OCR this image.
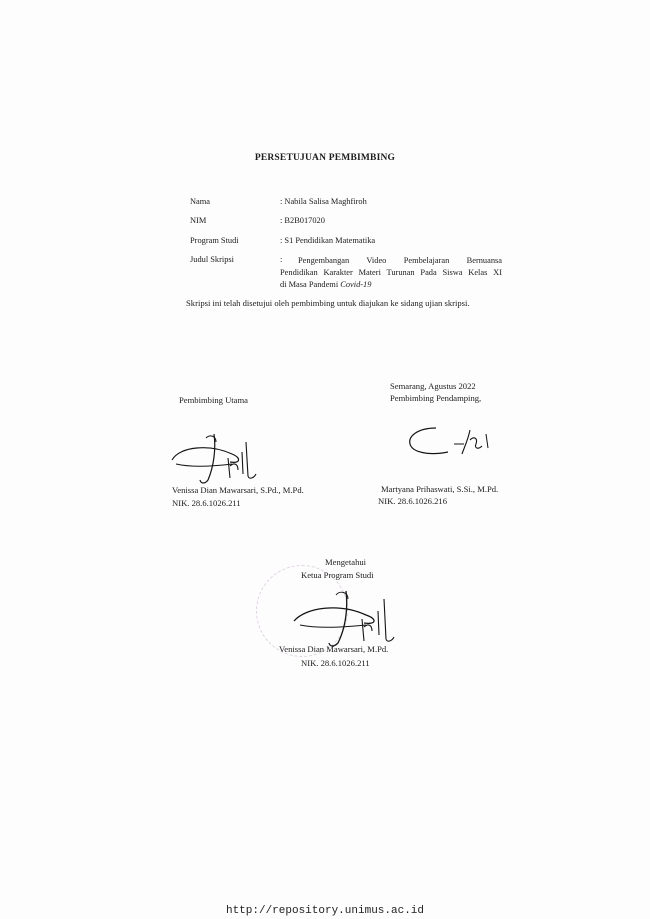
PERSETUJUAN PEMBIMBING
Nama	: Nabila Salisa Maghfiroh
NIM	: B2B017020
Program Studi	: S1 Pendidikan Matematika
Judul Skripsi	: Pengembangan Video Pembelajaran Bernuansa
Pendidikan Karakter Materi Turunan Pada Siswa Kelas XI
di Masa Pandemi Covid-19
Skripsi ini telah disetujui oleh pembimbing untuk diajukan ke sidang ujian skripsi.
Semarang, Agustus 2022
Pembimbing Utama	Pembimbing Pendamping,
Venissa Dian Mawarsari, S.Pd., M.Pd.
NIK. 28.6.1026.211
Martyana Prihaswati, S.Si., M.Pd.
NIK. 28.6.1026.216
Mengetahui
Ketua Program Studi
Venissa Dian Mawarsari, M.Pd.
NIK. 28.6.1026.211
http://repository.unimus.ac.id
